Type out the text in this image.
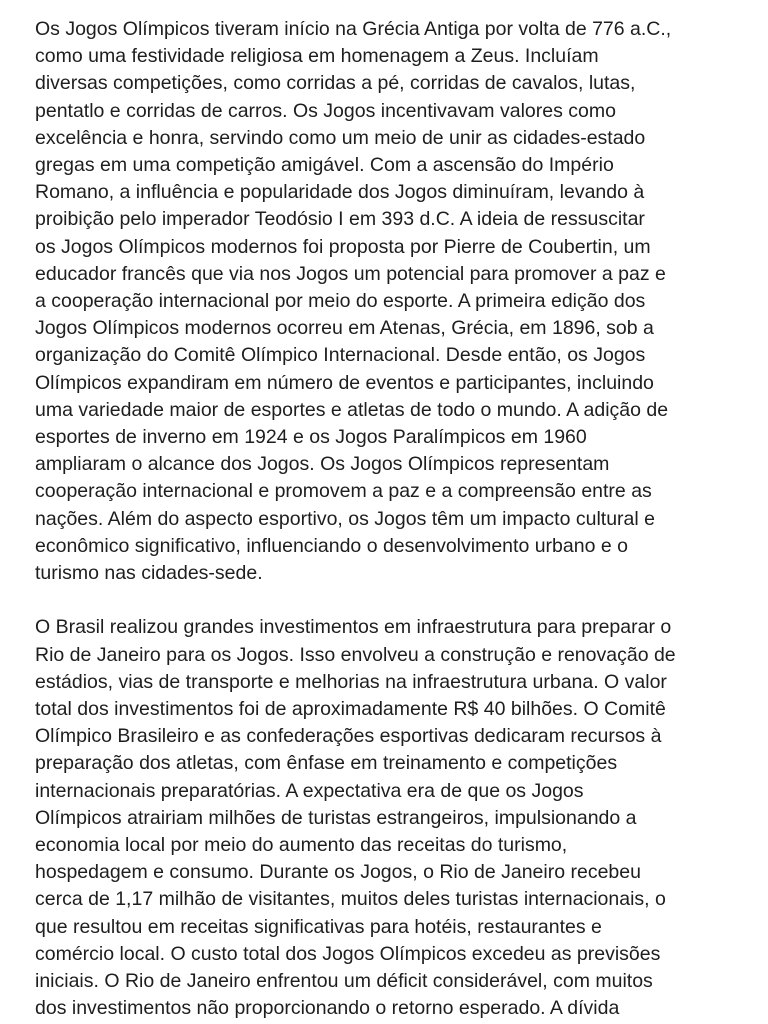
Os Jogos Olímpicos tiveram início na Grécia Antiga por volta de 776 a.C.,
como uma festividade religiosa em homenagem a Zeus. Incluíam
diversas competições, como corridas a pé, corridas de cavalos, lutas,
pentatlo e corridas de carros. Os Jogos incentivavam valores como
excelência e honra, servindo como um meio de unir as cidades-estado
gregas em uma competição amigável. Com a ascensão do Império
Romano, a influência e popularidade dos Jogos diminuíram, levando à
proibição pelo imperador Teodósio I em 393 d.C. A ideia de ressuscitar
os Jogos Olímpicos modernos foi proposta por Pierre de Coubertin, um
educador francês que via nos Jogos um potencial para promover a paz e
a cooperação internacional por meio do esporte. A primeira edição dos
Jogos Olímpicos modernos ocorreu em Atenas, Grécia, em 1896, sob a
organização do Comitê Olímpico Internacional. Desde então, os Jogos
Olímpicos expandiram em número de eventos e participantes, incluindo
uma variedade maior de esportes e atletas de todo o mundo. A adição de
esportes de inverno em 1924 e os Jogos Paralímpicos em 1960
ampliaram o alcance dos Jogos. Os Jogos Olímpicos representam
cooperação internacional e promovem a paz e a compreensão entre as
nações. Além do aspecto esportivo, os Jogos têm um impacto cultural e
econômico significativo, influenciando o desenvolvimento urbano e o
turismo nas cidades-sede.

O Brasil realizou grandes investimentos em infraestrutura para preparar o
Rio de Janeiro para os Jogos. Isso envolveu a construção e renovação de
estádios, vias de transporte e melhorias na infraestrutura urbana. O valor
total dos investimentos foi de aproximadamente R$ 40 bilhões. O Comitê
Olímpico Brasileiro e as confederações esportivas dedicaram recursos à
preparação dos atletas, com ênfase em treinamento e competições
internacionais preparatórias. A expectativa era de que os Jogos
Olímpicos atrairiam milhões de turistas estrangeiros, impulsionando a
economia local por meio do aumento das receitas do turismo,
hospedagem e consumo. Durante os Jogos, o Rio de Janeiro recebeu
cerca de 1,17 milhão de visitantes, muitos deles turistas internacionais, o
que resultou em receitas significativas para hotéis, restaurantes e
comércio local. O custo total dos Jogos Olímpicos excedeu as previsões
iniciais. O Rio de Janeiro enfrentou um déficit considerável, com muitos
dos investimentos não proporcionando o retorno esperado. A dívida
